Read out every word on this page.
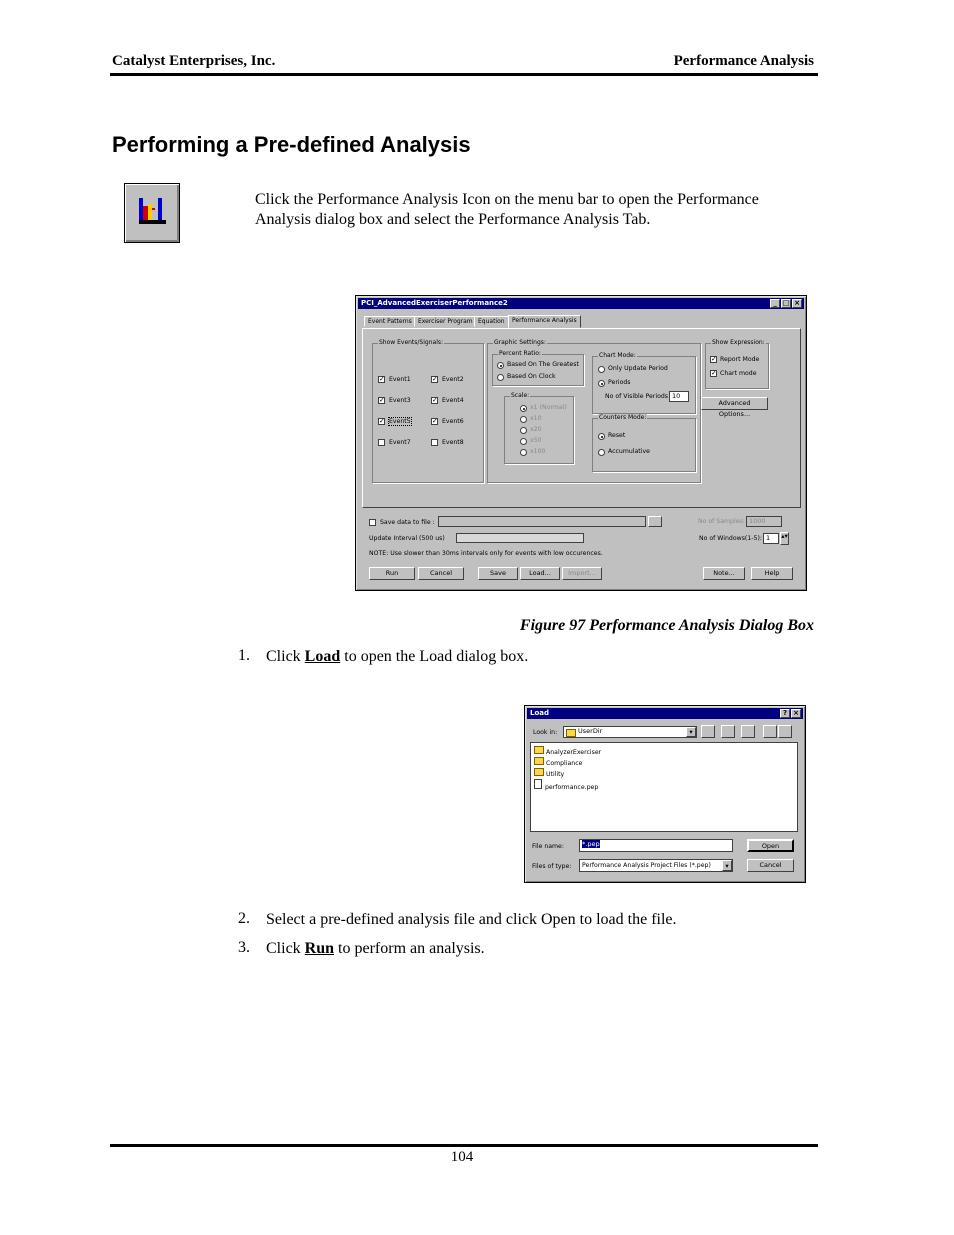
Catalyst Enterprises, Inc.	Performance Analysis
Performing a Pre-defined Analysis
Click the Performance Analysis Icon on the menu bar to open the Performance Analysis dialog box and select the Performance Analysis Tab.
PCI_AdvancedExerciserPerformance2	_ □ ×
Event Patterns	Exerciser Program Equation	Performance Analysis
Show Events/Signals:
✓ Event1	✓ Event2
✓ Event3	✓ Event4
✓ Event5	✓ Event6
Event7	Event8
Graphic Settings:
Percent Ratio:
Based On The Greatest
Based On Clock
Scale:
x1 (Normal)
x10
x20
x50
x100
Chart Mode:
Only Update Period
Periods
No of Visible Periods 10
Counters Mode:
Reset
Accumulative
Show Expression:
✓ Report Mode
✓ Chart mode
Advanced Options...
Save data to file :	No of Samples: 1000
Update Interval (500 us)	No of Windows(1-5): 1	▴▾
NOTE: Use slower than 30ms intervals only for events with low occurences.
Run	Cancel	Save	Load...	Import...	Note...	Help
Figure 97 Performance Analysis Dialog Box
1. Click Load to open the Load dialog box.
Load	? ×
Look in:	UserDir	▾
AnalyzerExerciser
Compliance
Utility
performance.pep
File name:	*.pep	Open
Files of type:	Performance Analysis Project Files (*.pep)	▾	Cancel
2. Select a pre-defined analysis file and click Open to load the file.
3. Click Run to perform an analysis.
104
